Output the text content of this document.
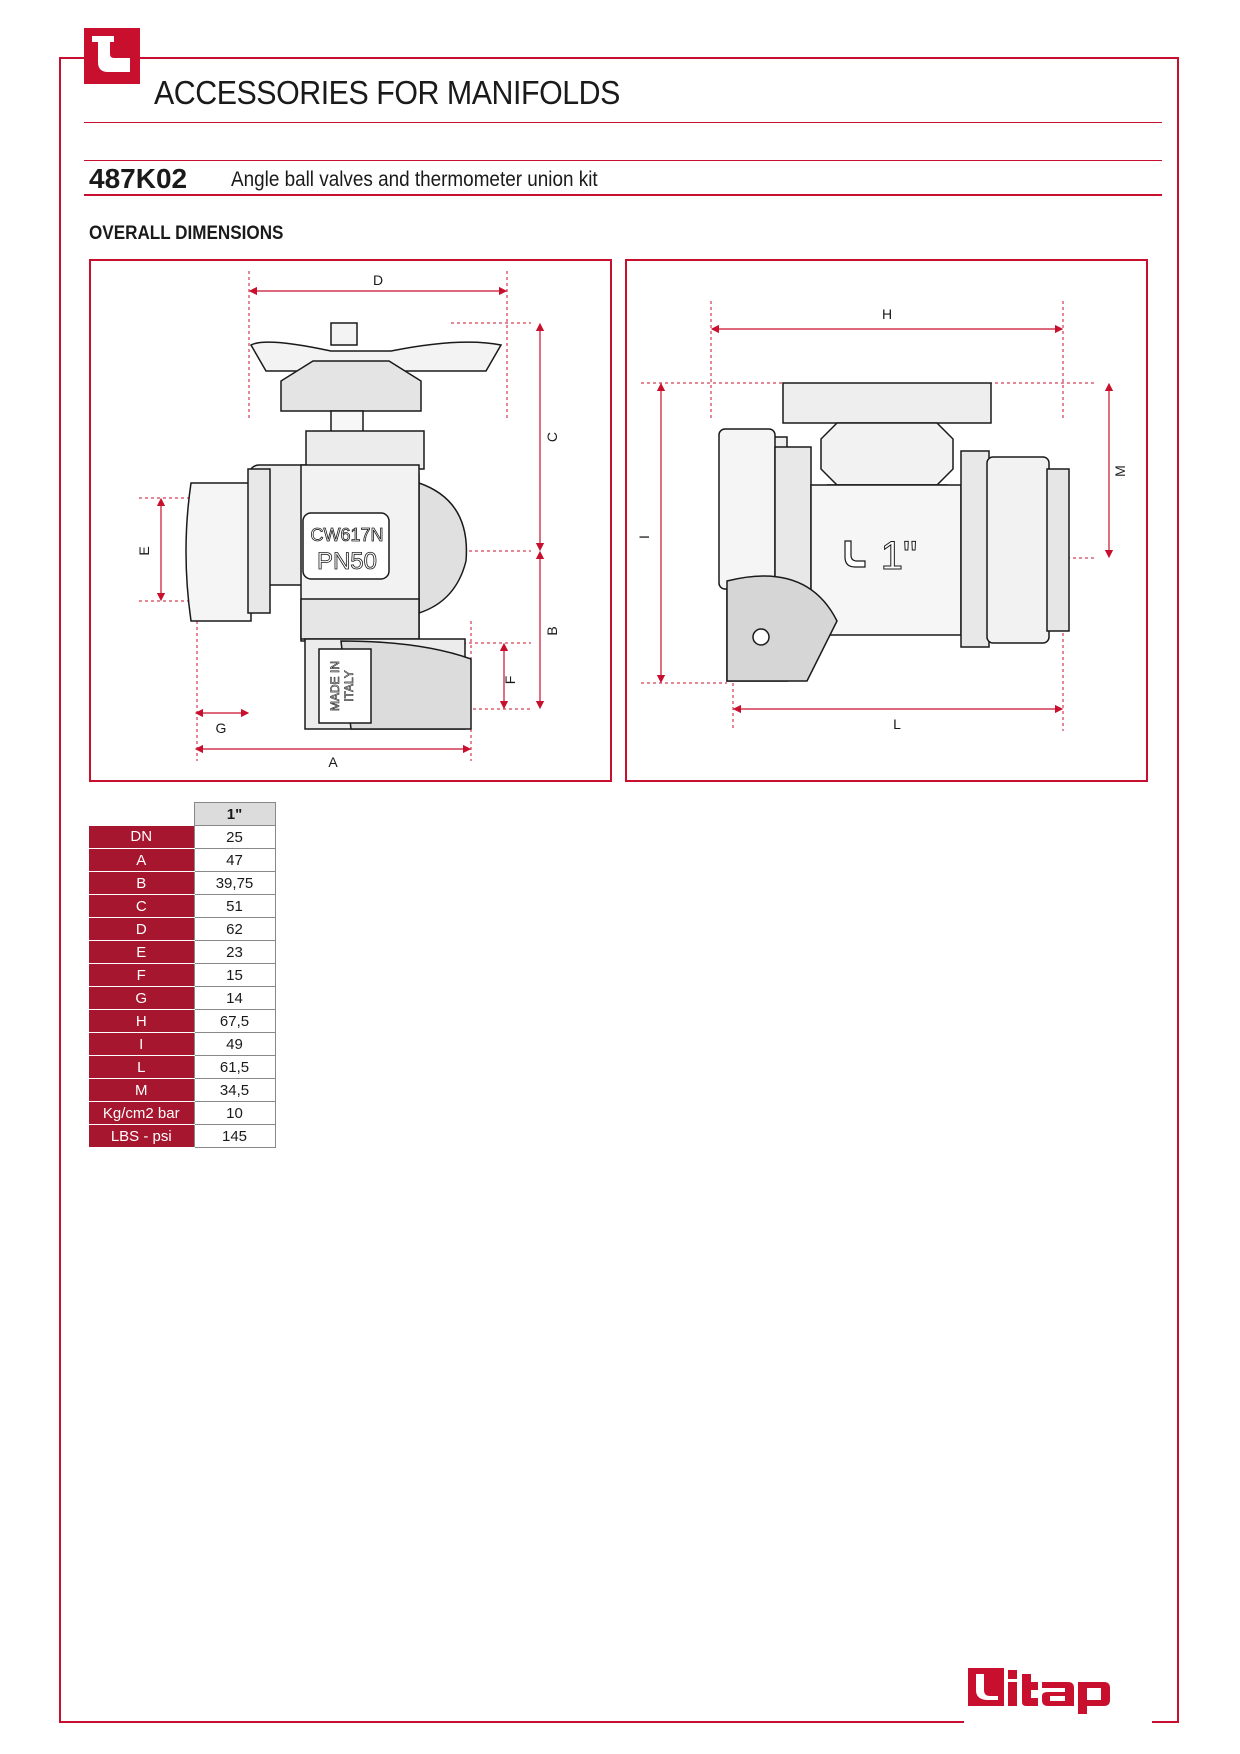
ACCESSORIES FOR MANIFOLDS
487K02 Angle ball valves and thermometer union kit
OVERALL DIMENSIONS
D
C
B
F
E
G
A
CW617N
PN50
MADE IN ITALY
H
I
M
L
1"
	1"
DN	25
A	47
B	39,75
C	51
D	62
E	23
F	15
G	14
H	67,5
I	49
L	61,5
M	34,5
Kg/cm2 bar	10
LBS - psi	145
